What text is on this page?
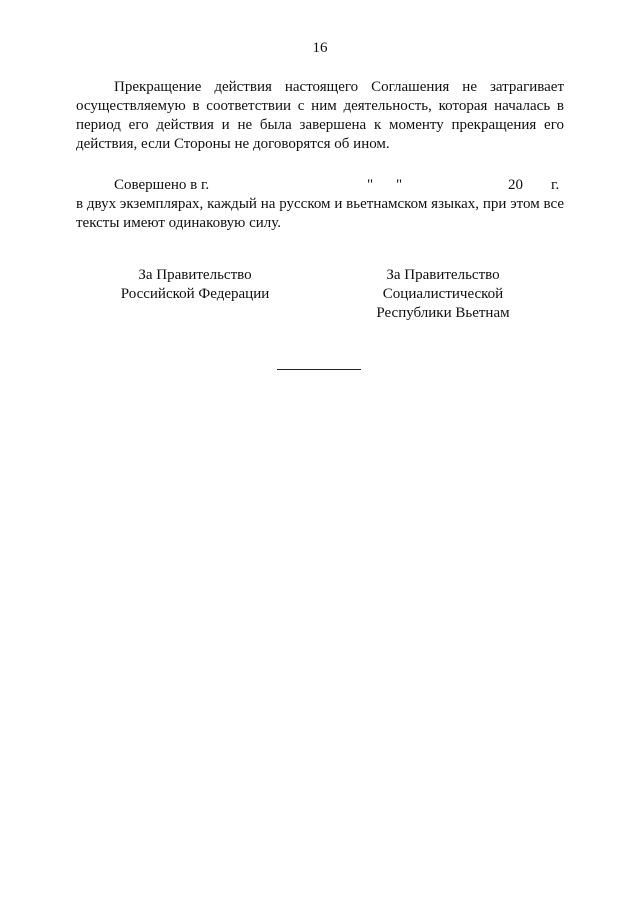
16

Прекращение действия настоящего Соглашения не затрагивает осуществляемую в соответствии с ним деятельность, которая началась в период его действия и не была завершена к моменту прекращения его действия, если Стороны не договорятся об ином.

Совершено в г.	" "	20 г.
в двух экземплярах, каждый на русском и вьетнамском языках, при этом все тексты имеют одинаковую силу.
За Правительство
Российской Федерации
За Правительство
Социалистической
Республики Вьетнам
